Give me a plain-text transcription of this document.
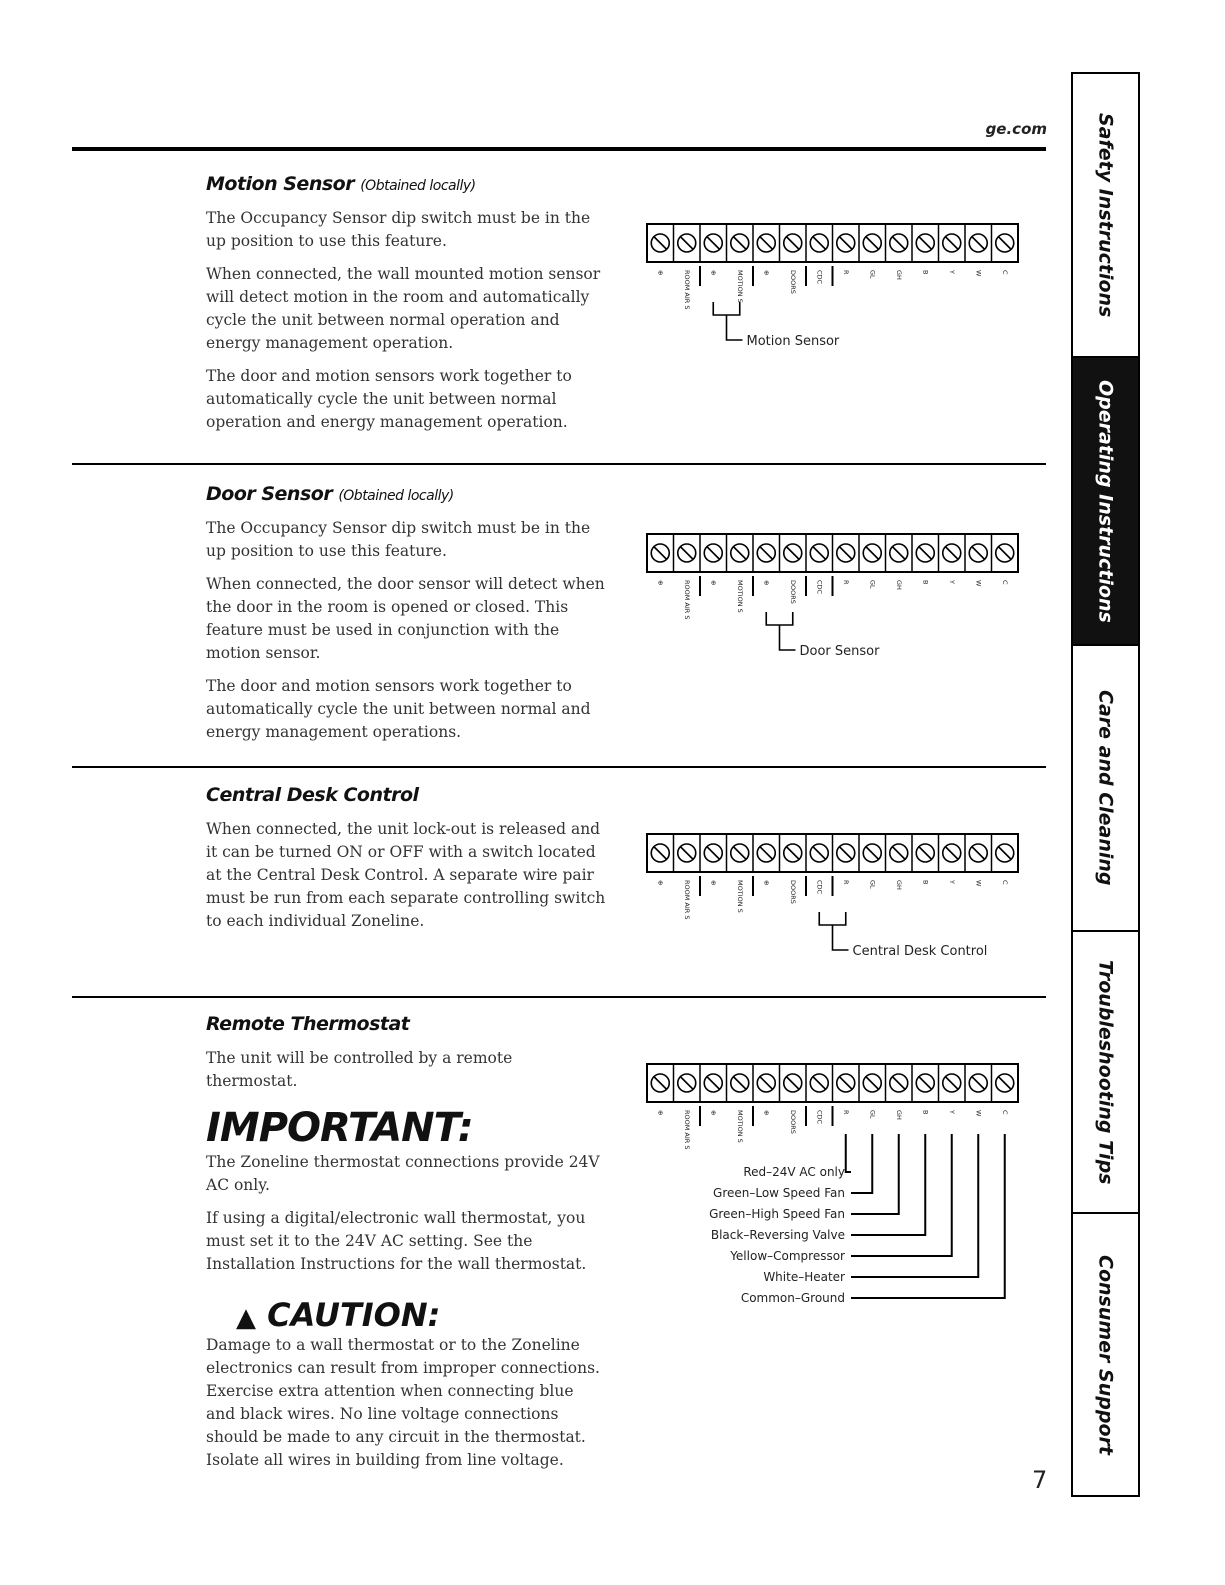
ge.com
Motion Sensor (Obtained locally)

The Occupancy Sensor dip switch must be in the up position to use this feature.

When connected, the wall mounted motion sensor will detect motion in the room and automatically cycle the unit between normal operation and energy management operation.

The door and motion sensors work together to automatically cycle the unit between normal operation and energy management operation.

⊕	ROOM AIR S	⊕	MOTION S	⊕	DOORS	CDC	R	GL	GH	B	Y	W	C
Motion Sensor
Door Sensor (Obtained locally)

The Occupancy Sensor dip switch must be in the up position to use this feature.

When connected, the door sensor will detect when the door in the room is opened or closed. This feature must be used in conjunction with the motion sensor.

The door and motion sensors work together to automatically cycle the unit between normal and energy management operations.

⊕	ROOM AIR S	⊕	MOTION S	⊕	DOORS	CDC	R	GL	GH	B	Y	W	C
Door Sensor
Central Desk Control

When connected, the unit lock-out is released and it can be turned ON or OFF with a switch located at the Central Desk Control. A separate wire pair must be run from each separate controlling switch to each individual Zoneline.

⊕	ROOM AIR S	⊕	MOTION S	⊕	DOORS	CDC	R	GL	GH	B	Y	W	C
Central Desk Control
Remote Thermostat

The unit will be controlled by a remote thermostat.

IMPORTANT:

The Zoneline thermostat connections provide 24V AC only.

If using a digital/electronic wall thermostat, you must set it to the 24V AC setting. See the Installation Instructions for the wall thermostat.

▲ CAUTION:

Damage to a wall thermostat or to the Zoneline electronics can result from improper connections. Exercise extra attention when connecting blue and black wires. No line voltage connections should be made to any circuit in the thermostat. Isolate all wires in building from line voltage.

⊕	ROOM AIR S	⊕	MOTION S	⊕	DOORS	CDC	R	GL	GH	B	Y	W	C
Red–24V AC only
Green–Low Speed Fan
Green–High Speed Fan
Black–Reversing Valve
Yellow–Compressor
White–Heater
Common–Ground
Safety Instructions
Operating Instructions
Care and Cleaning
Troubleshooting Tips
Consumer Support
7
